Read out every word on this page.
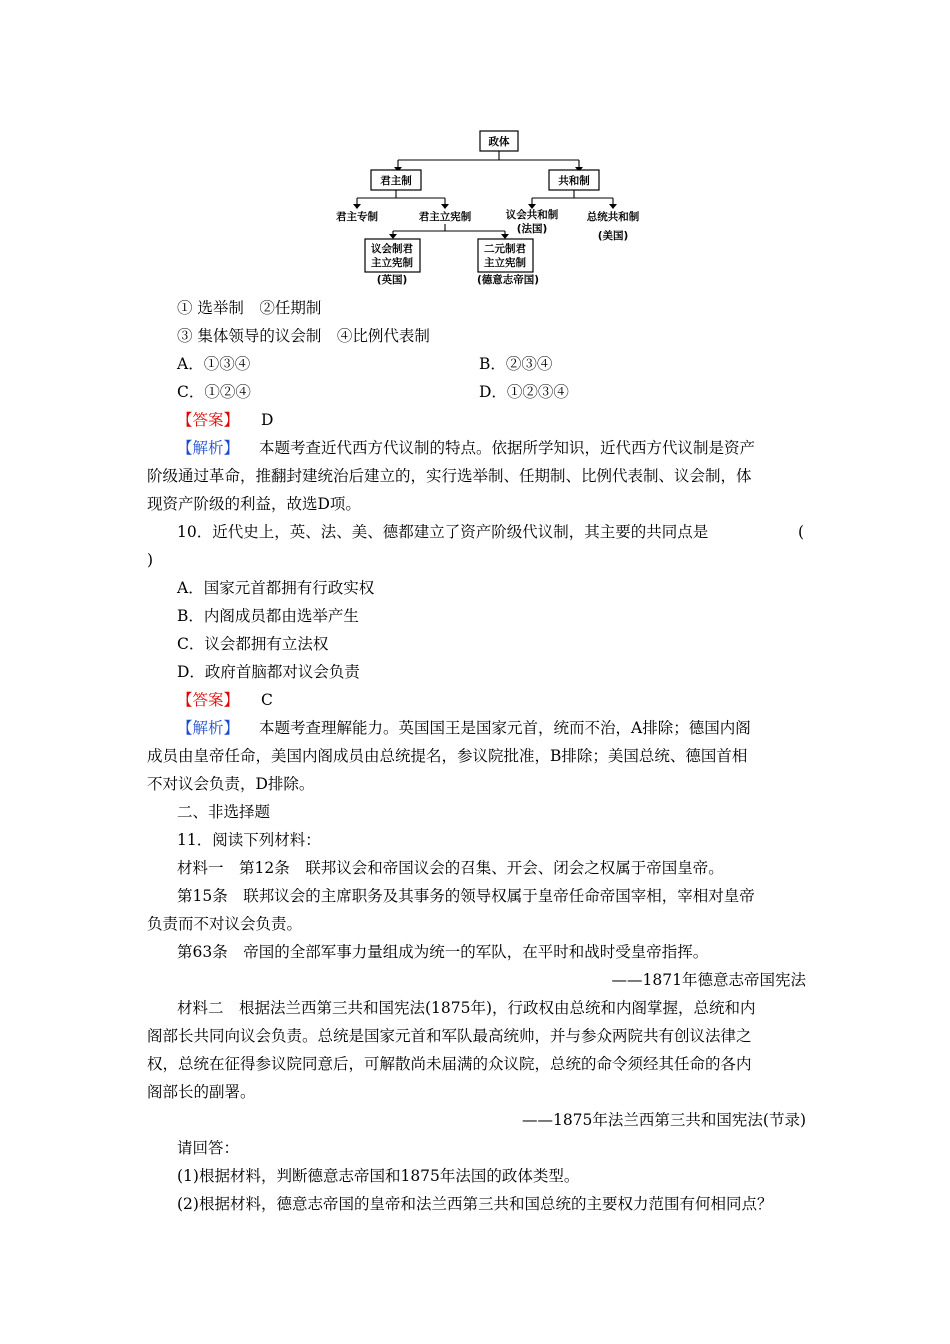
政体
君主制	共和制
君主专制	君主立宪制	议会共和制
(法国)
总统共和制
(美国)
议会制君
主立宪制
(英国)
二元制君
主立宪制
(德意志帝国)
① 选举制　②任期制
③ 集体领导的议会制　④比例代表制
A．①③④	B．②③④
C．①②④	D．①②③④
【答案】 D
【解析】 本题考查近代西方代议制的特点。依据所学知识，近代西方代议制是资产
阶级通过革命，推翻封建统治后建立的，实行选举制、任期制、比例代表制、议会制，体
现资产阶级的利益，故选D项。
10．近代史上，英、法、美、德都建立了资产阶级代议制，其主要的共同点是	(
)
A．国家元首都拥有行政实权
B．内阁成员都由选举产生
C．议会都拥有立法权
D．政府首脑都对议会负责
【答案】 C
【解析】 本题考查理解能力。英国国王是国家元首，统而不治，A排除；德国内阁
成员由皇帝任命，美国内阁成员由总统提名，参议院批准，B排除；美国总统、德国首相
不对议会负责，D排除。
二、非选择题
11．阅读下列材料：
材料一　第12条　联邦议会和帝国议会的召集、开会、闭会之权属于帝国皇帝。
第15条　联邦议会的主席职务及其事务的领导权属于皇帝任命帝国宰相，宰相对皇帝
负责而不对议会负责。
第63条　帝国的全部军事力量组成为统一的军队，在平时和战时受皇帝指挥。
——1871年德意志帝国宪法
材料二　根据法兰西第三共和国宪法(1875年)，行政权由总统和内阁掌握，总统和内
阁部长共同向议会负责。总统是国家元首和军队最高统帅，并与参众两院共有创议法律之
权，总统在征得参议院同意后，可解散尚未届满的众议院，总统的命令须经其任命的各内
阁部长的副署。
——1875年法兰西第三共和国宪法(节录)
请回答：
(1)根据材料，判断德意志帝国和1875年法国的政体类型。
(2)根据材料，德意志帝国的皇帝和法兰西第三共和国总统的主要权力范围有何相同点？
